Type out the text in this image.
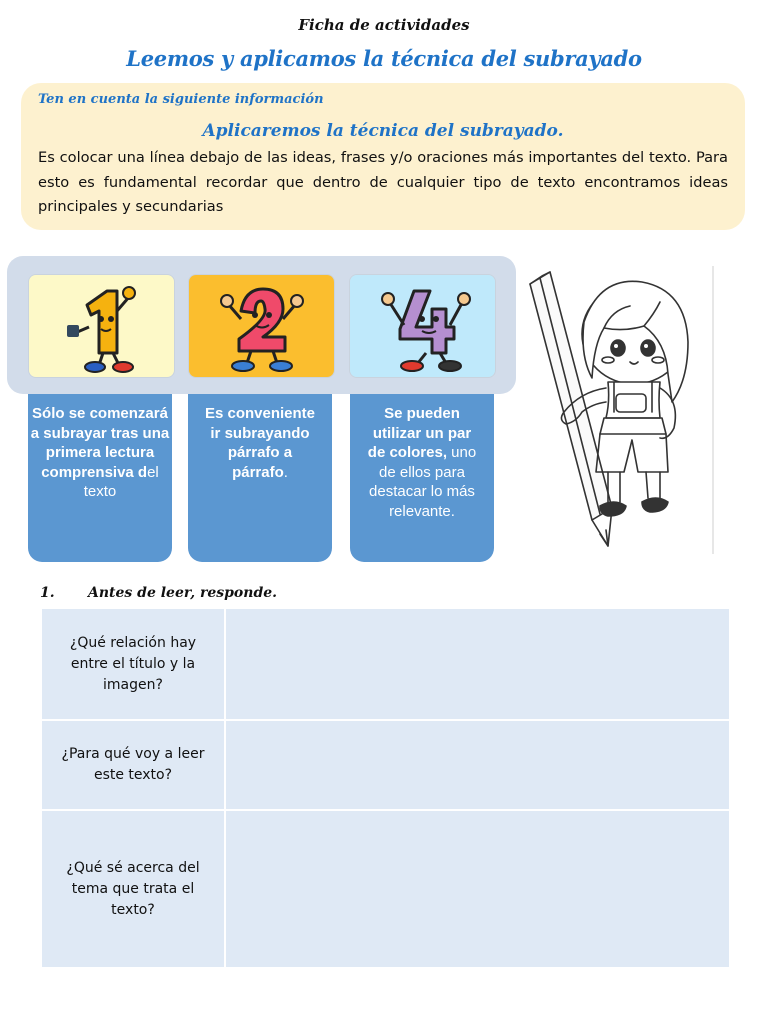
Ficha de actividades
Leemos y aplicamos la técnica del subrayado
Ten en cuenta la siguiente información
Aplicaremos la técnica del subrayado.
Es colocar una línea debajo de las ideas, frases y/o oraciones más importantes del texto. Para esto es fundamental recordar que dentro de cualquier tipo de texto encontramos ideas principales y secundarias
Sólo se comenzará a subrayar tras una primera lectura comprensiva del texto
Es conveniente ir subrayando párrafo a párrafo.
Se pueden utilizar un par de colores, uno de ellos para destacar lo más relevante.
1. Antes de leer, responde.
¿Qué relación hay entre el título y la imagen?	
¿Para qué voy a leer este texto?	
¿Qué sé acerca del tema que trata el texto?	
